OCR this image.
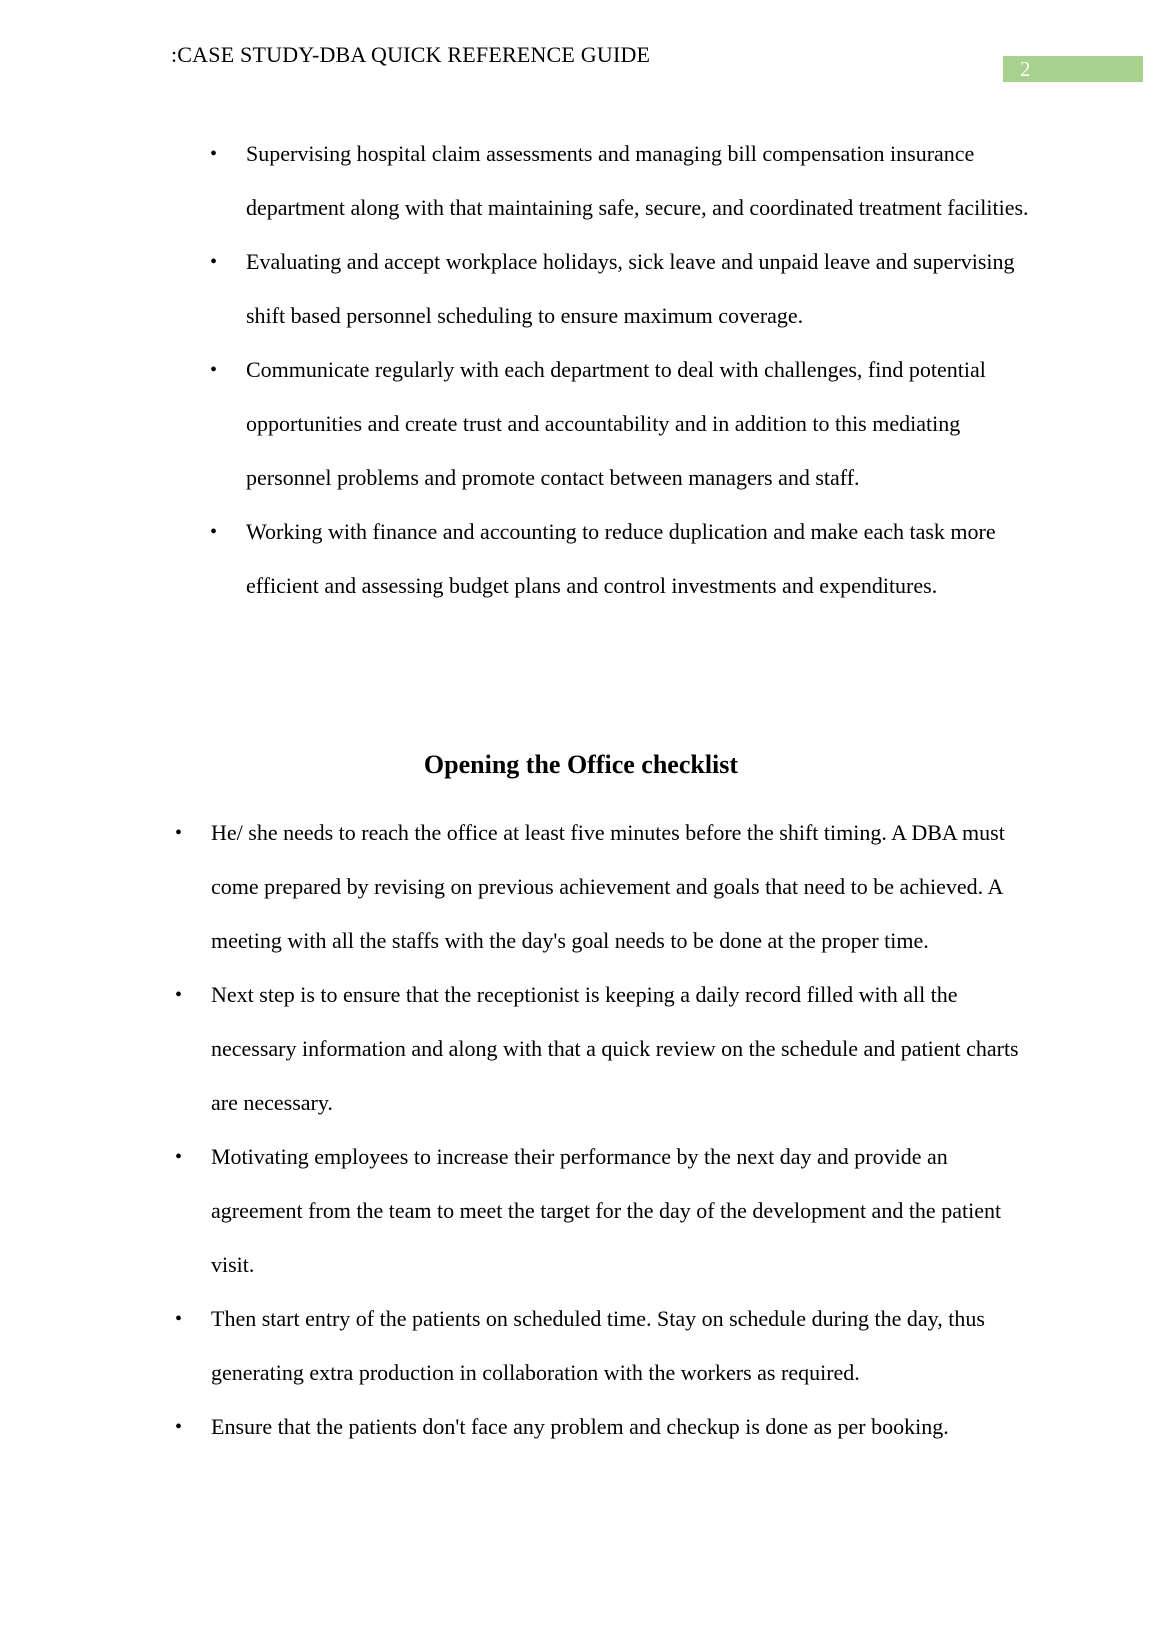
:CASE STUDY-DBA QUICK REFERENCE GUIDE
2
• Supervising hospital claim assessments and managing bill compensation insurance department along with that maintaining safe, secure, and coordinated treatment facilities.
• Evaluating and accept workplace holidays, sick leave and unpaid leave and supervising shift based personnel scheduling to ensure maximum coverage.
• Communicate regularly with each department to deal with challenges, find potential opportunities and create trust and accountability and in addition to this mediating personnel problems and promote contact between managers and staff.
• Working with finance and accounting to reduce duplication and make each task more efficient and assessing budget plans and control investments and expenditures.
Opening the Office checklist
• He/ she needs to reach the office at least five minutes before the shift timing. A DBA must come prepared by revising on previous achievement and goals that need to be achieved. A meeting with all the staffs with the day's goal needs to be done at the proper time.
• Next step is to ensure that the receptionist is keeping a daily record filled with all the necessary information and along with that a quick review on the schedule and patient charts are necessary.
• Motivating employees to increase their performance by the next day and provide an agreement from the team to meet the target for the day of the development and the patient visit.
• Then start entry of the patients on scheduled time. Stay on schedule during the day, thus generating extra production in collaboration with the workers as required.
• Ensure that the patients don't face any problem and checkup is done as per booking.
